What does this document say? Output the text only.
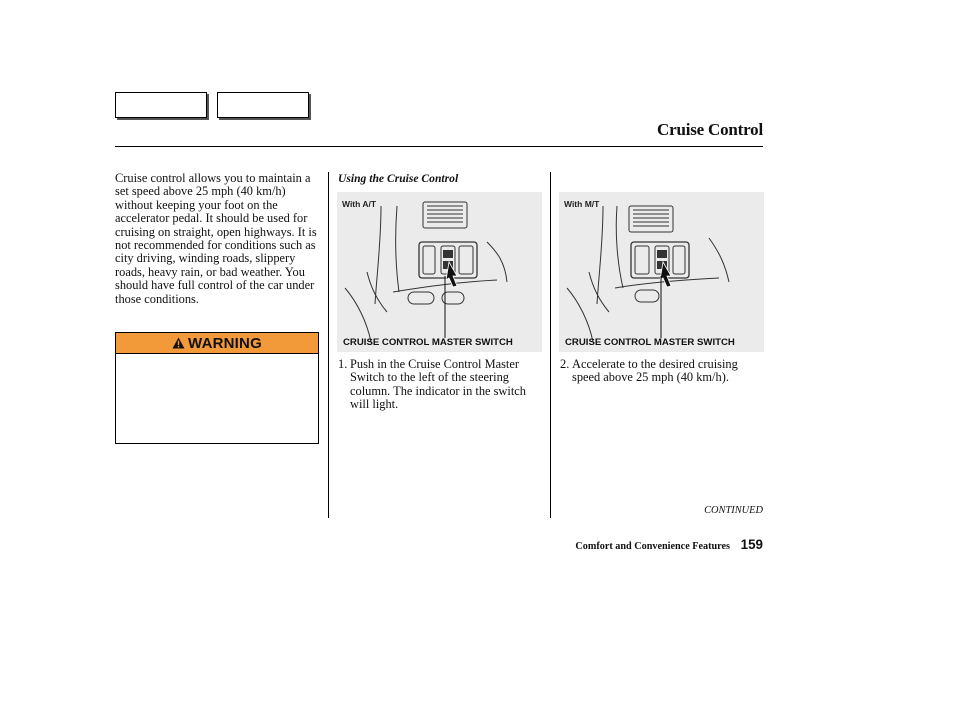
Cruise Control

Cruise control allows you to maintain a set speed above 25 mph (40 km/h) without keeping your foot on the accelerator pedal. It should be used for cruising on straight, open highways. It is not recommended for conditions such as city driving, winding roads, slippery roads, heavy rain, or bad weather. You should have full control of the car under those conditions.

WARNING
Using the Cruise Control
With A/T
CRUISE CONTROL MASTER SWITCH
With M/T
CRUISE CONTROL MASTER SWITCH
1. Push in the Cruise Control Master Switch to the left of the steering column. The indicator in the switch will light.
2. Accelerate to the desired cruising speed above 25 mph (40 km/h).
CONTINUED
Comfort and Convenience Features 159
